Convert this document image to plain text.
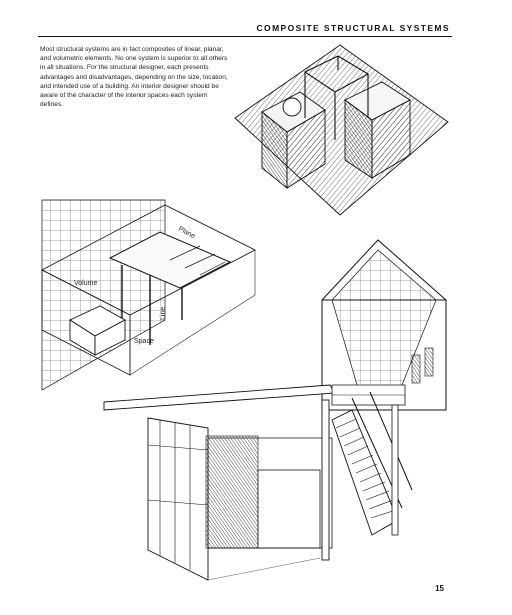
COMPOSITE STRUCTURAL SYSTEMS
Most structural systems are in fact composites of linear, planar, and volumetric elements. No one system is superior to all others in all situations. For the structural designer, each presents advantages and disadvantages, depending on the size, location, and intended use of a building. An interior designer should be aware of the character of the interior spaces each system defines.
Plane
Volume
Line
Space
15
